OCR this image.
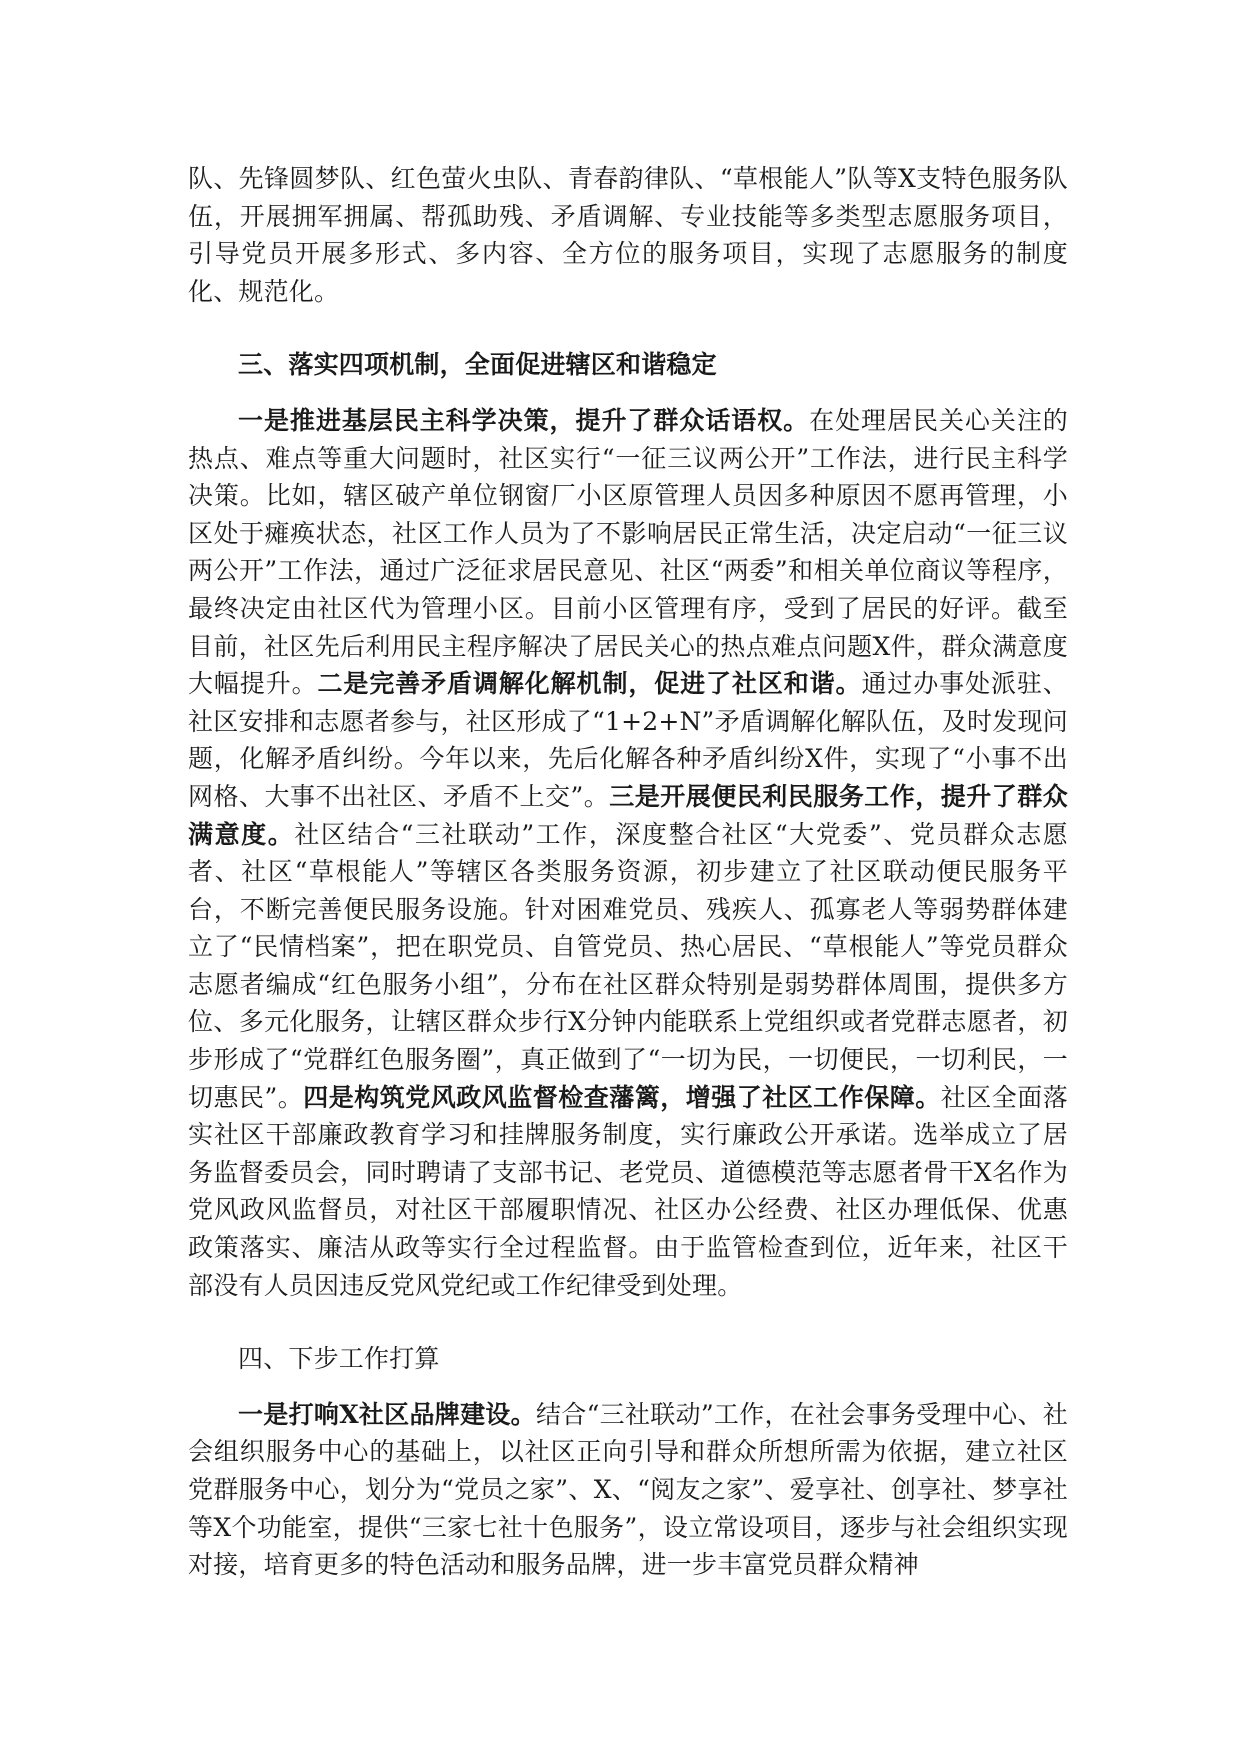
队、先锋圆梦队、红色萤火虫队、青春韵律队、“草根能人”队等X支特色服务队伍，开展拥军拥属、帮孤助残、矛盾调解、专业技能等多类型志愿服务项目，引导党员开展多形式、多内容、全方位的服务项目，实现了志愿服务的制度化、规范化。

三、落实四项机制，全面促进辖区和谐稳定

一是推进基层民主科学决策，提升了群众话语权。在处理居民关心关注的热点、难点等重大问题时，社区实行“一征三议两公开”工作法，进行民主科学决策。比如，辖区破产单位钢窗厂小区原管理人员因多种原因不愿再管理，小区处于瘫痪状态，社区工作人员为了不影响居民正常生活，决定启动“一征三议两公开”工作法，通过广泛征求居民意见、社区“两委”和相关单位商议等程序，最终决定由社区代为管理小区。目前小区管理有序，受到了居民的好评。截至目前，社区先后利用民主程序解决了居民关心的热点难点问题X件，群众满意度大幅提升。二是完善矛盾调解化解机制，促进了社区和谐。通过办事处派驻、社区安排和志愿者参与，社区形成了“1+2+N”矛盾调解化解队伍，及时发现问题，化解矛盾纠纷。今年以来，先后化解各种矛盾纠纷X件，实现了“小事不出网格、大事不出社区、矛盾不上交”。三是开展便民利民服务工作，提升了群众满意度。社区结合“三社联动”工作，深度整合社区“大党委”、党员群众志愿者、社区“草根能人”等辖区各类服务资源，初步建立了社区联动便民服务平台，不断完善便民服务设施。针对困难党员、残疾人、孤寡老人等弱势群体建立了“民情档案”，把在职党员、自管党员、热心居民、“草根能人”等党员群众志愿者编成“红色服务小组”，分布在社区群众特别是弱势群体周围，提供多方位、多元化服务，让辖区群众步行X分钟内能联系上党组织或者党群志愿者，初步形成了“党群红色服务圈”，真正做到了“一切为民，一切便民，一切利民，一切惠民”。四是构筑党风政风监督检查藩篱，增强了社区工作保障。社区全面落实社区干部廉政教育学习和挂牌服务制度，实行廉政公开承诺。选举成立了居务监督委员会，同时聘请了支部书记、老党员、道德模范等志愿者骨干X名作为党风政风监督员，对社区干部履职情况、社区办公经费、社区办理低保、优惠政策落实、廉洁从政等实行全过程监督。由于监管检查到位，近年来，社区干部没有人员因违反党风党纪或工作纪律受到处理。

四、下步工作打算

一是打响X社区品牌建设。结合“三社联动”工作，在社会事务受理中心、社会组织服务中心的基础上，以社区正向引导和群众所想所需为依据，建立社区党群服务中心，划分为“党员之家”、X、“阅友之家”、爱享社、创享社、梦享社等X个功能室，提供“三家七社十色服务”，设立常设项目，逐步与社会组织实现对接，培育更多的特色活动和服务品牌，进一步丰富党员群众精神
